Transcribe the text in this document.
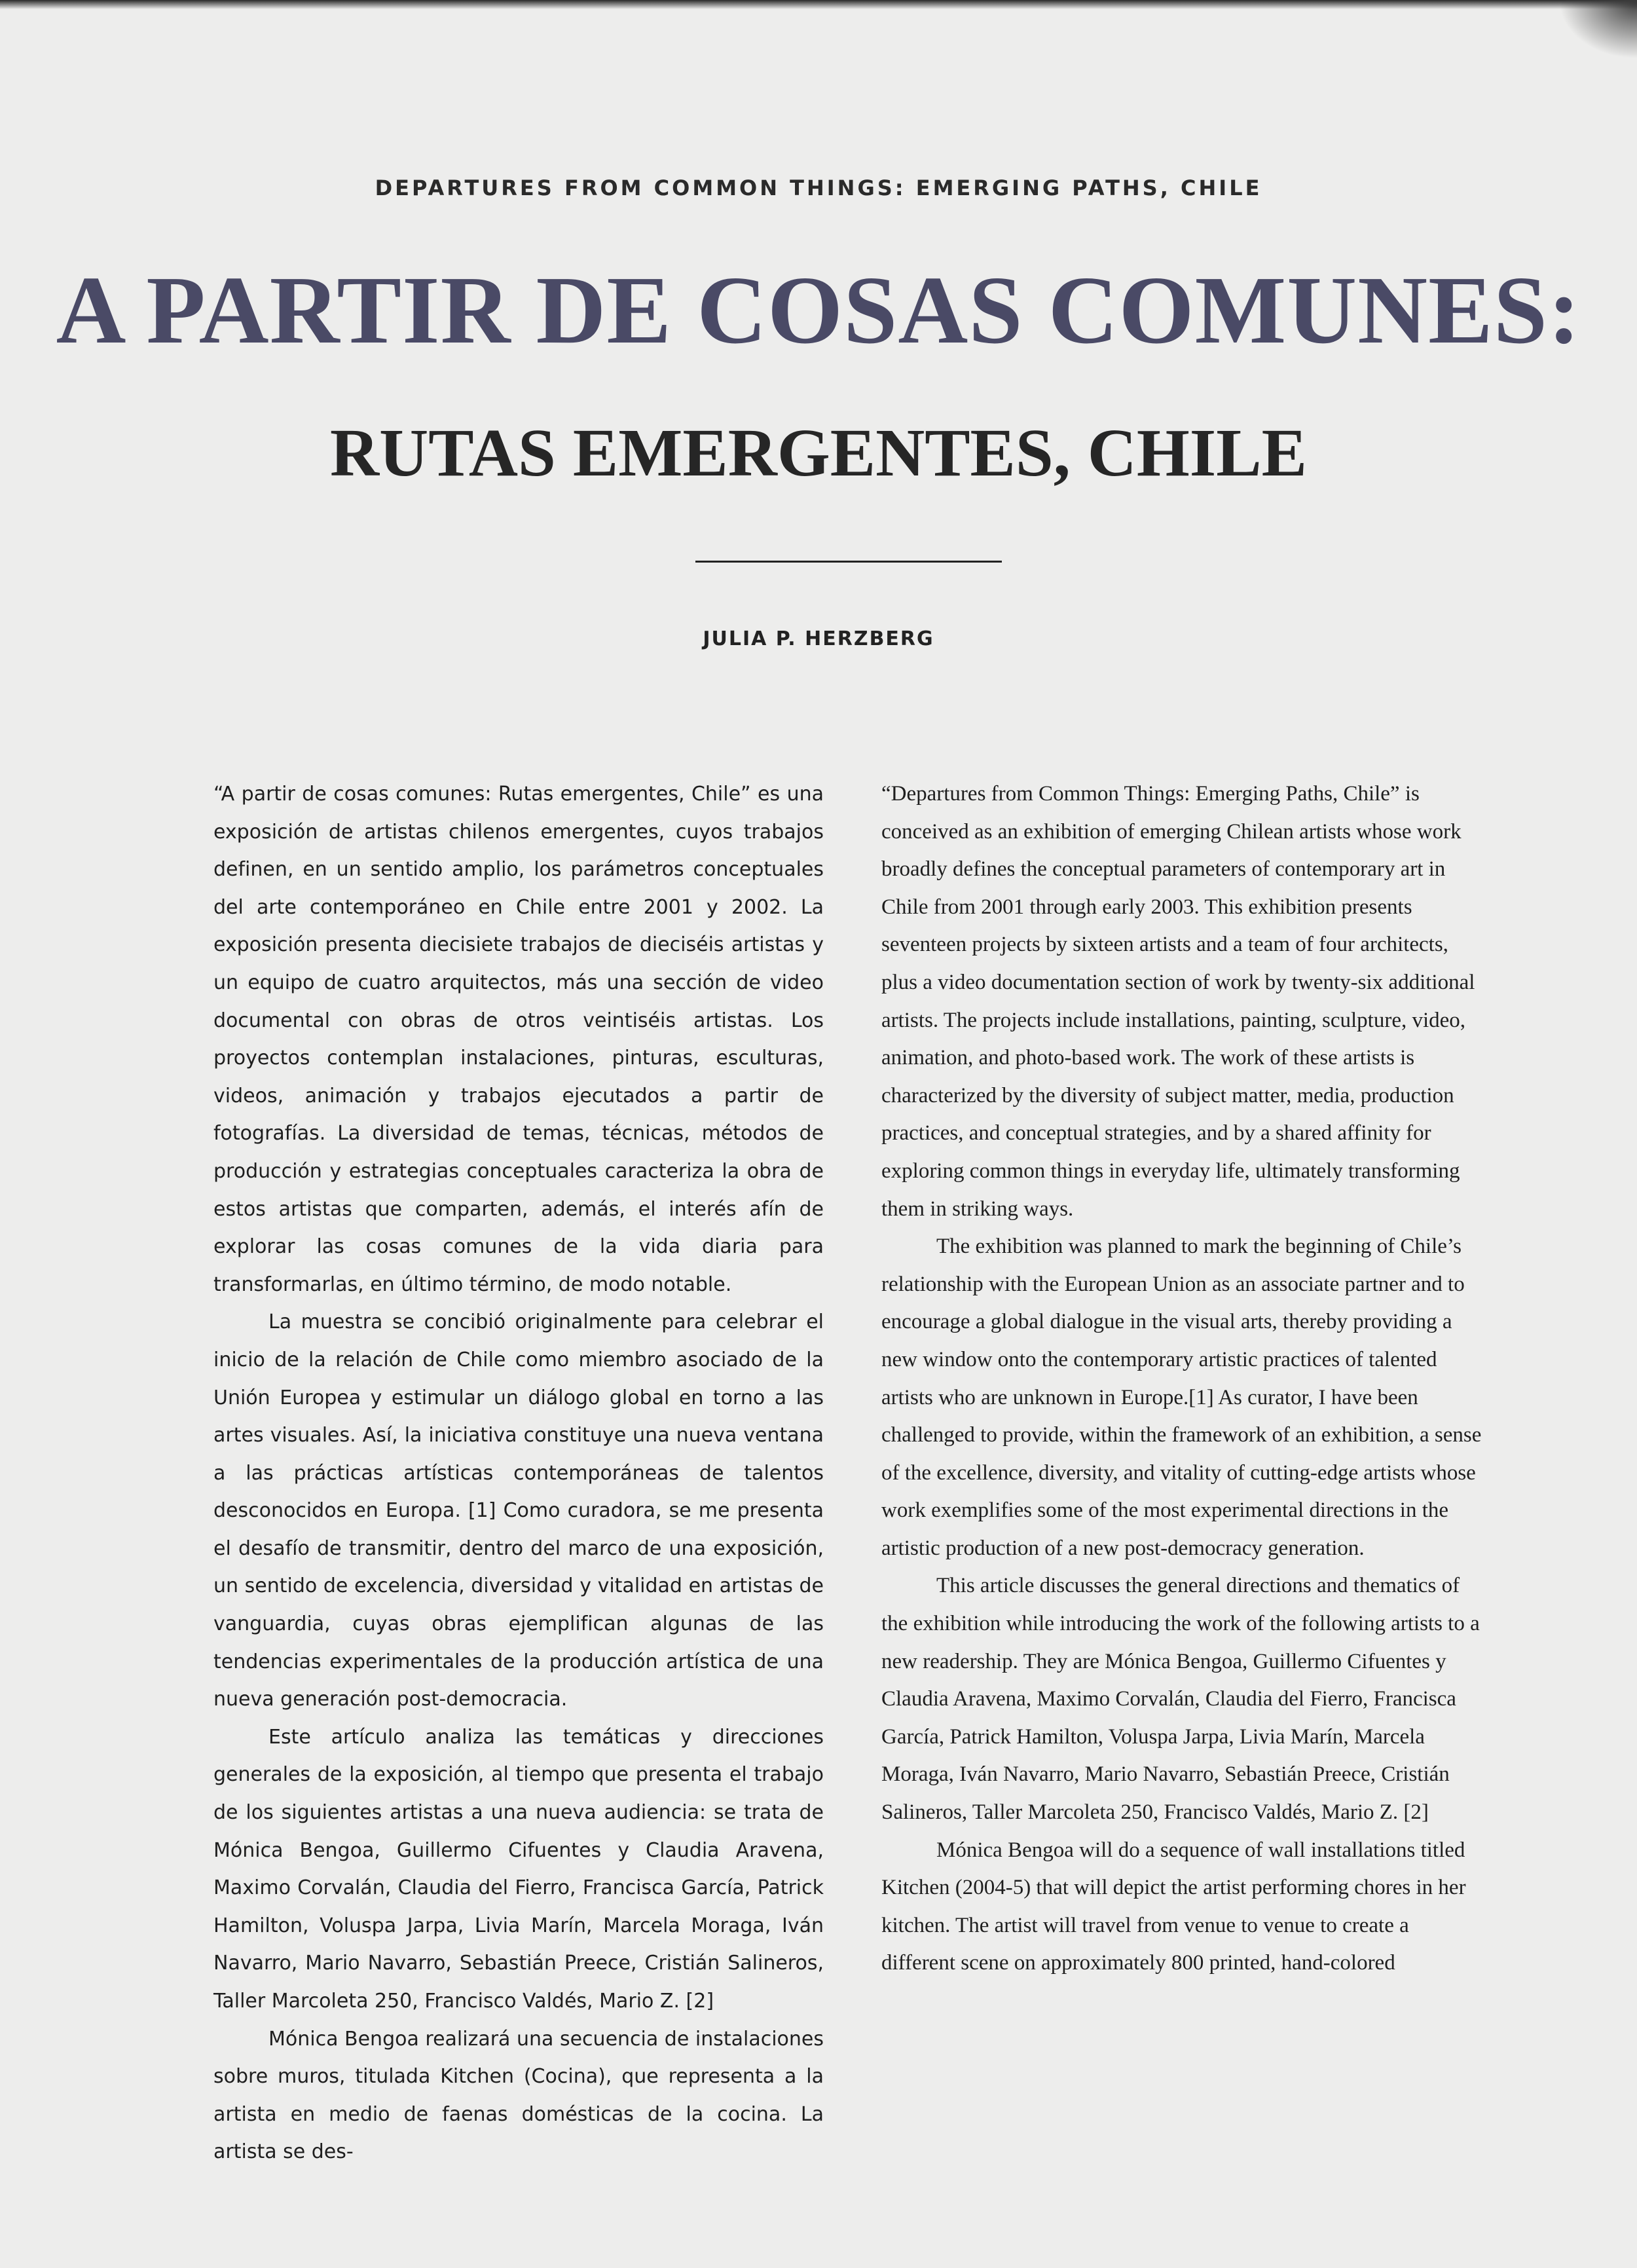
DEPARTURES FROM COMMON THINGS: EMERGING PATHS, CHILE
A PARTIR DE COSAS COMUNES:
RUTAS EMERGENTES, CHILE
JULIA P. HERZBERG

“A partir de cosas comunes: Rutas emergentes, Chile” es una exposición de artistas chilenos emergentes, cuyos trabajos definen, en un sentido amplio, los parámetros conceptuales del arte contemporáneo en Chile entre 2001 y 2002. La exposición presenta diecisiete trabajos de dieciséis artistas y un equipo de cuatro arquitectos, más una sección de video documental con obras de otros veintiséis artistas. Los proyectos contemplan instalaciones, pinturas, esculturas, videos, animación y trabajos ejecutados a partir de fotografías. La diversidad de temas, técnicas, métodos de producción y estrategias conceptuales caracteriza la obra de estos artistas que comparten, además, el interés afín de explorar las cosas comunes de la vida diaria para transformarlas, en último término, de modo notable.

La muestra se concibió originalmente para celebrar el inicio de la relación de Chile como miembro asociado de la Unión Europea y estimular un diálogo global en torno a las artes visuales. Así, la iniciativa constituye una nueva ventana a las prácticas artísticas contemporáneas de talentos desconocidos en Europa. [1] Como curadora, se me presenta el desafío de transmitir, dentro del marco de una exposición, un sentido de excelencia, diversidad y vitalidad en artistas de vanguardia, cuyas obras ejemplifican algunas de las tendencias experimentales de la producción artística de una nueva generación post-democracia.

Este artículo analiza las temáticas y direcciones generales de la exposición, al tiempo que presenta el trabajo de los siguientes artistas a una nueva audiencia: se trata de Mónica Bengoa, Guillermo Cifuentes y Claudia Aravena, Maximo Corvalán, Claudia del Fierro, Francisca García, Patrick Hamilton, Voluspa Jarpa, Livia Marín, Marcela Moraga, Iván Navarro, Mario Navarro, Sebastián Preece, Cristián Salineros, Taller Marcoleta 250, Francisco Valdés, Mario Z. [2]

Mónica Bengoa realizará una secuencia de instalaciones sobre muros, titulada Kitchen (Cocina), que representa a la artista en medio de faenas domésticas de la cocina. La artista se des-

“Departures from Common Things: Emerging Paths, Chile” is conceived as an exhibition of emerging Chilean artists whose work broadly defines the conceptual parameters of contemporary art in Chile from 2001 through early 2003. This exhibition presents seventeen projects by sixteen artists and a team of four architects, plus a video documentation section of work by twenty-six additional artists. The projects include installations, painting, sculpture, video, animation, and photo-based work. The work of these artists is characterized by the diversity of subject matter, media, production practices, and conceptual strategies, and by a shared affinity for exploring common things in everyday life, ultimately transforming them in striking ways.

The exhibition was planned to mark the beginning of Chile’s relationship with the European Union as an associate partner and to encourage a global dialogue in the visual arts, thereby providing a new window onto the contemporary artistic practices of talented artists who are unknown in Europe.[1] As curator, I have been challenged to provide, within the framework of an exhibition, a sense of the excellence, diversity, and vitality of cutting-edge artists whose work exemplifies some of the most experimental directions in the artistic production of a new post-democracy generation.

This article discusses the general directions and thematics of the exhibition while introducing the work of the following artists to a new readership. They are Mónica Bengoa, Guillermo Cifuentes y Claudia Aravena, Maximo Corvalán, Claudia del Fierro, Francisca García, Patrick Hamilton, Voluspa Jarpa, Livia Marín, Marcela Moraga, Iván Navarro, Mario Navarro, Sebastián Preece, Cristián Salineros, Taller Marcoleta 250, Francisco Valdés, Mario Z. [2]

Mónica Bengoa will do a sequence of wall installations titled Kitchen (2004-5) that will depict the artist performing chores in her kitchen. The artist will travel from venue to venue to create a different scene on approximately 800 printed, hand-colored
